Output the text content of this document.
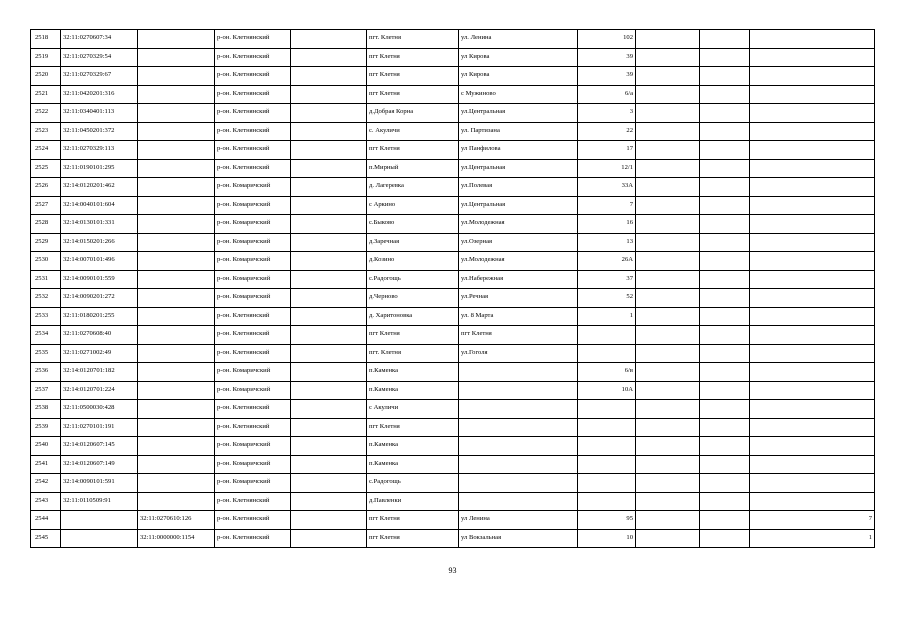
2518	32:11:0270607:34		р-он. Клетнянский		пгт. Клетня	ул. Ленина	102			
2519	32:11:0270329:54		р-он. Клетнянский		пгт Клетня	ул Кирова	39			
2520	32:11:0270329:67		р-он. Клетнянский		пгт Клетня	ул Кирова	39			
2521	32:11:0420201:316		р-он. Клетнянский		пгт Клетня	с Мужиново	6/а			
2522	32:11:0340401:113		р-он. Клетнянский		д.Добрая Корна	ул.Центральная	3			
2523	32:11:0450201:372		р-он. Клетнянский		с. Акуличи	ул. Партизана	22			
2524	32:11:0270329:113		р-он. Клетнянский		пгт Клетня	ул Панфилова	17			
2525	32:11:0190101:295		р-он. Клетнянский		п.Мирный	ул.Центральная	12/1			
2526	32:14:0120201:462		р-он. Комаричский		д. Лагеревка	ул.Полевая	33А			
2527	32:14:0040101:604		р-он. Комаричский		с Аркино	ул.Центральная	7			
2528	32:14:0130101:331		р-он. Комаричский		с.Быково	ул.Молодежная	16			
2529	32:14:0150201:266		р-он. Комаричский		д.Заречная	ул.Озерная	13			
2530	32:14:0070101:496		р-он. Комаричский		д.Козино	ул.Молодежная	26А			
2531	32:14:0090101:559		р-он. Комаричский		с.Радогощь	ул.Набережная	37			
2532	32:14:0090201:272		р-он. Комаричский		д.Черново	ул.Речная	52			
2533	32:11:0180201:255		р-он. Клетнянский		д. Харитоновка	ул. 8 Марта	1			
2534	32:11:0270608:40		р-он. Клетнянский		пгт Клетня	пгт Клетня				
2535	32:11:0271002:49		р-он. Клетнянский		пгт. Клетня	ул.Гоголя				
2536	32:14:0120701:182		р-он. Комаричский		п.Каменка		6/в			
2537	32:14:0120701:224		р-он. Комаричский		п.Каменка		10А			
2538	32:11:0500030:428		р-он. Клетнянский		с Акуличи					
2539	32:11:0270101:191		р-он. Клетнянский		пгт Клетня					
2540	32:14:0120607:145		р-он. Комаричский		п.Каменка					
2541	32:14:0120607:149		р-он. Комаричский		п.Каменка					
2542	32:14:0090101:591		р-он. Комаричский		с.Радогощь					
2543	32:11:0110509:91		р-он. Клетнянский		д.Павленки					
2544		32:11:0270610:126	р-он. Клетнянский		пгт Клетня	ул Ленина	95			7
2545		32:11:0000000:1154	р-он. Клетнянский		пгт Клетня	ул Вокзальная	10			1
93
